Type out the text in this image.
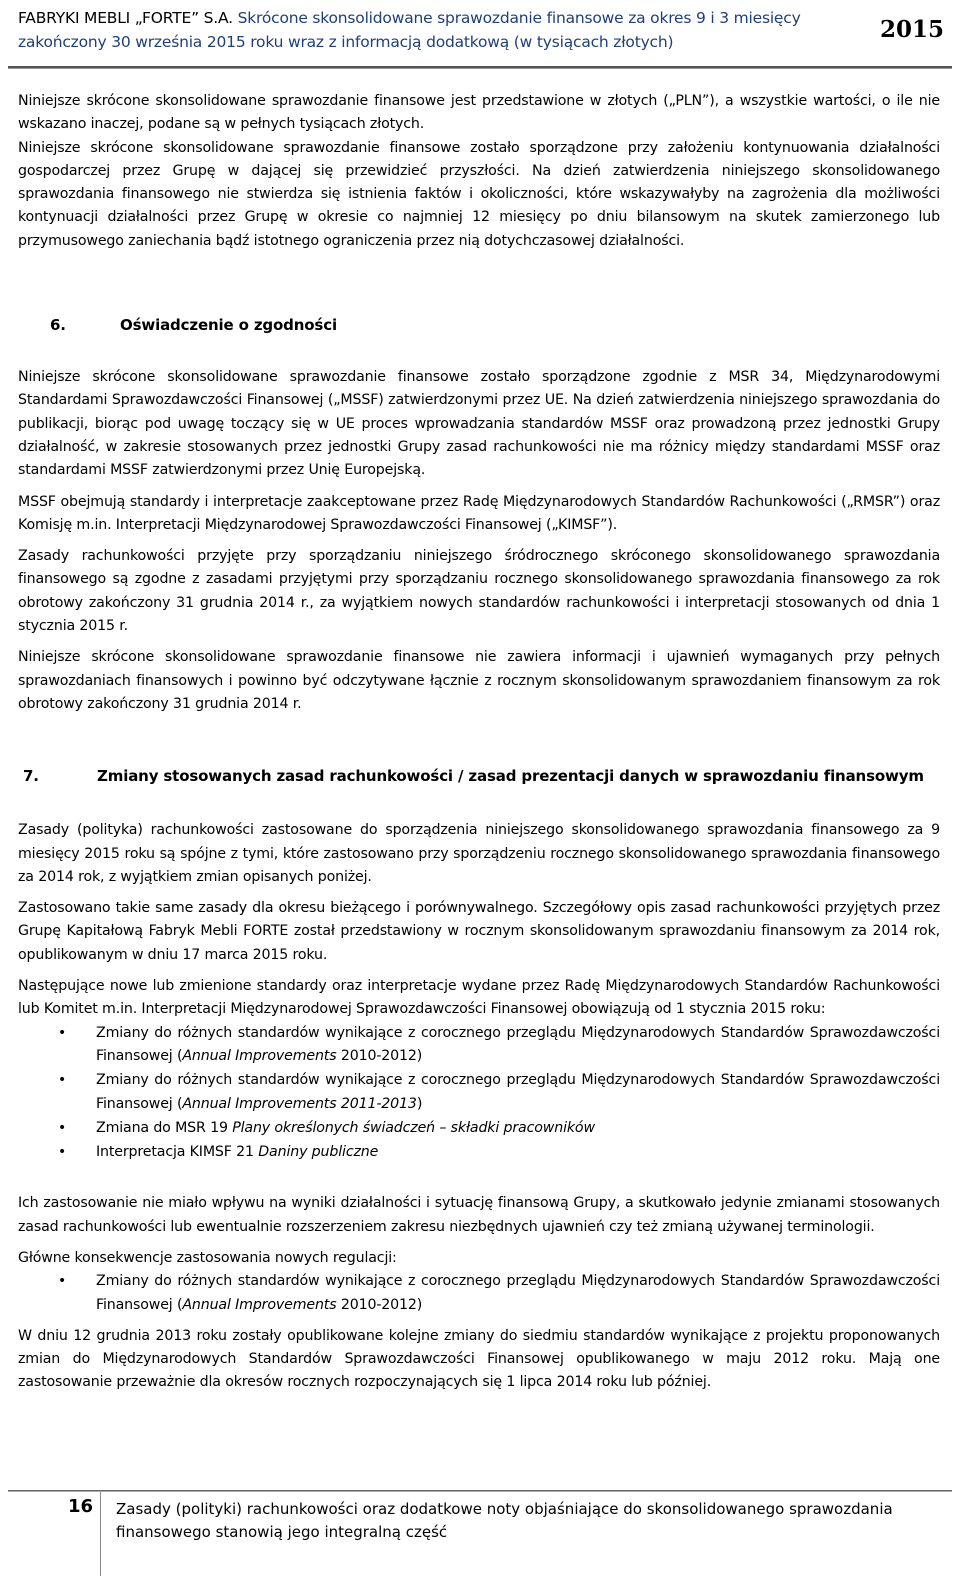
FABRYKI MEBLI „FORTE” S.A. Skrócone skonsolidowane sprawozdanie finansowe za okres 9 i 3 miesięcy
zakończony 30 września 2015 roku wraz z informacją dodatkową (w tysiącach złotych)	2015

Niniejsze skrócone skonsolidowane sprawozdanie finansowe jest przedstawione w złotych („PLN”), a wszystkie wartości, o ile nie wskazano inaczej, podane są w pełnych tysiącach złotych.

Niniejsze skrócone skonsolidowane sprawozdanie finansowe zostało sporządzone przy założeniu kontynuowania działalności gospodarczej przez Grupę w dającej się przewidzieć przyszłości. Na dzień zatwierdzenia niniejszego skonsolidowanego sprawozdania finansowego nie stwierdza się istnienia faktów i okoliczności, które wskazywałyby na zagrożenia dla możliwości kontynuacji działalności przez Grupę w okresie co najmniej 12 miesięcy po dniu bilansowym na skutek zamierzonego lub przymusowego zaniechania bądź istotnego ograniczenia przez nią dotychczasowej działalności.

6.	Oświadczenie o zgodności

Niniejsze skrócone skonsolidowane sprawozdanie finansowe zostało sporządzone zgodnie z MSR 34, Międzynarodowymi Standardami Sprawozdawczości Finansowej („MSSF) zatwierdzonymi przez UE. Na dzień zatwierdzenia niniejszego sprawozdania do publikacji, biorąc pod uwagę toczący się w UE proces wprowadzania standardów MSSF oraz prowadzoną przez jednostki Grupy działalność, w zakresie stosowanych przez jednostki Grupy zasad rachunkowości nie ma różnicy między standardami MSSF oraz standardami MSSF zatwierdzonymi przez Unię Europejską.

MSSF obejmują standardy i interpretacje zaakceptowane przez Radę Międzynarodowych Standardów Rachunkowości („RMSR”) oraz Komisję m.in. Interpretacji Międzynarodowej Sprawozdawczości Finansowej („KIMSF”).

Zasady rachunkowości przyjęte przy sporządzaniu niniejszego śródrocznego skróconego skonsolidowanego sprawozdania finansowego są zgodne z zasadami przyjętymi przy sporządzaniu rocznego skonsolidowanego sprawozdania finansowego za rok obrotowy zakończony 31 grudnia 2014 r., za wyjątkiem nowych standardów rachunkowości i interpretacji stosowanych od dnia 1 stycznia 2015 r.

Niniejsze skrócone skonsolidowane sprawozdanie finansowe nie zawiera informacji i ujawnień wymaganych przy pełnych sprawozdaniach finansowych i powinno być odczytywane łącznie z rocznym skonsolidowanym sprawozdaniem finansowym za rok obrotowy zakończony 31 grudnia 2014 r.

7.	Zmiany stosowanych zasad rachunkowości / zasad prezentacji danych w sprawozdaniu finansowym

Zasady (polityka) rachunkowości zastosowane do sporządzenia niniejszego skonsolidowanego sprawozdania finansowego za 9 miesięcy 2015 roku są spójne z tymi, które zastosowano przy sporządzeniu rocznego skonsolidowanego sprawozdania finansowego za 2014 rok, z wyjątkiem zmian opisanych poniżej.

Zastosowano takie same zasady dla okresu bieżącego i porównywalnego. Szczegółowy opis zasad rachunkowości przyjętych przez Grupę Kapitałową Fabryk Mebli FORTE został przedstawiony w rocznym skonsolidowanym sprawozdaniu finansowym za 2014 rok, opublikowanym w dniu 17 marca 2015 roku.

Następujące nowe lub zmienione standardy oraz interpretacje wydane przez Radę Międzynarodowych Standardów Rachunkowości lub Komitet m.in. Interpretacji Międzynarodowej Sprawozdawczości Finansowej obowiązują od 1 stycznia 2015 roku:

• Zmiany do różnych standardów wynikające z corocznego przeglądu Międzynarodowych Standardów Sprawozdawczości Finansowej (Annual Improvements 2010-2012)
• Zmiany do różnych standardów wynikające z corocznego przeglądu Międzynarodowych Standardów Sprawozdawczości Finansowej (Annual Improvements 2011-2013)
• Zmiana do MSR 19 Plany określonych świadczeń – składki pracowników
• Interpretacja KIMSF 21 Daniny publiczne

Ich zastosowanie nie miało wpływu na wyniki działalności i sytuację finansową Grupy, a skutkowało jedynie zmianami stosowanych zasad rachunkowości lub ewentualnie rozszerzeniem zakresu niezbędnych ujawnień czy też zmianą używanej terminologii.

Główne konsekwencje zastosowania nowych regulacji:

• Zmiany do różnych standardów wynikające z corocznego przeglądu Międzynarodowych Standardów Sprawozdawczości Finansowej (Annual Improvements 2010-2012)

W dniu 12 grudnia 2013 roku zostały opublikowane kolejne zmiany do siedmiu standardów wynikające z projektu proponowanych zmian do Międzynarodowych Standardów Sprawozdawczości Finansowej opublikowanego w maju 2012 roku. Mają one zastosowanie przeważnie dla okresów rocznych rozpoczynających się 1 lipca 2014 roku lub później.

16 Zasady (polityki) rachunkowości oraz dodatkowe noty objaśniające do skonsolidowanego sprawozdania finansowego stanowią jego integralną część
